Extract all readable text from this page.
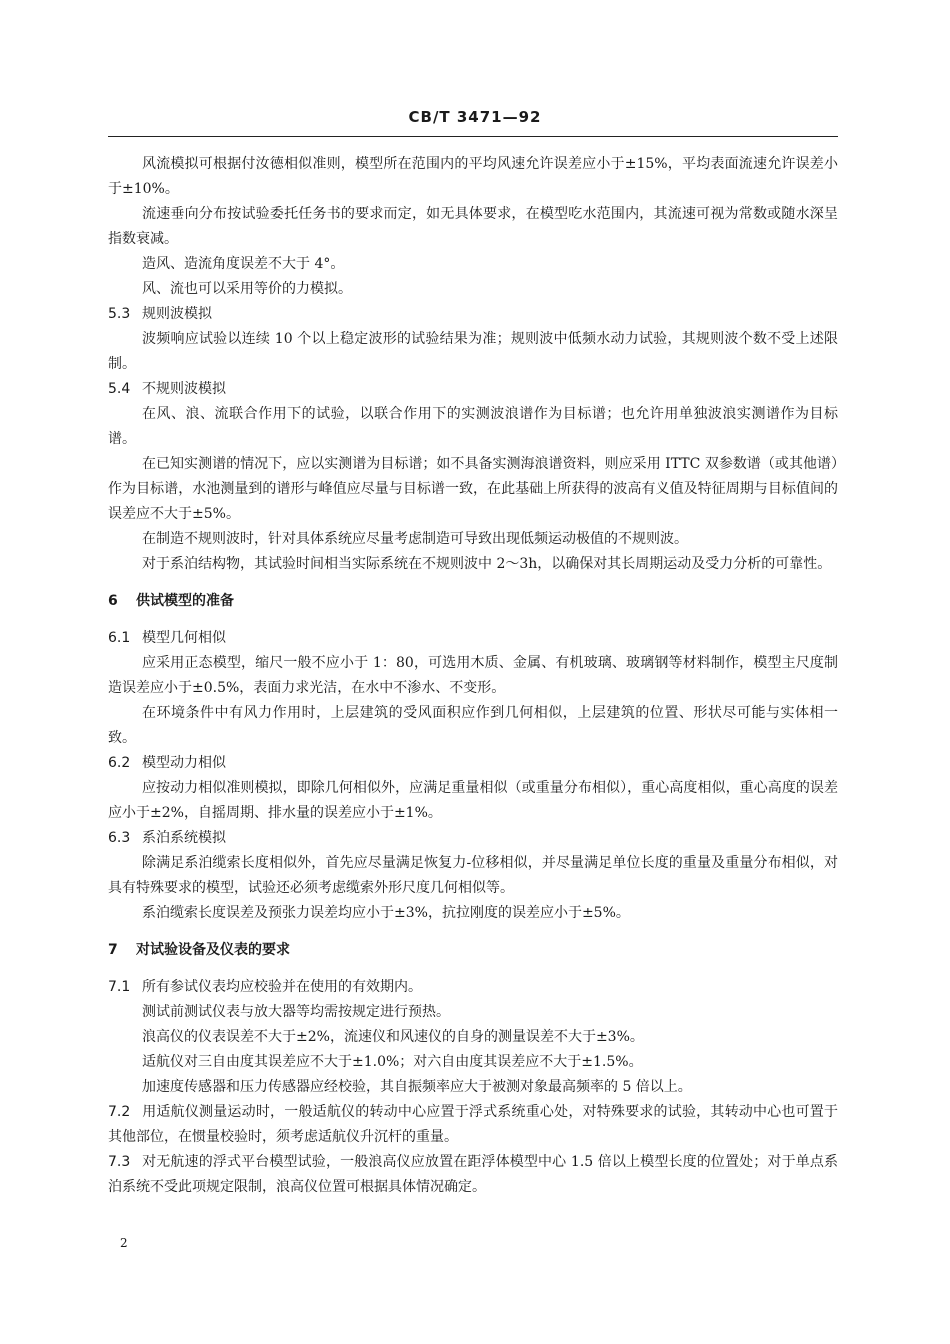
CB/T 3471—92

风流模拟可根据付汝德相似准则，模型所在范围内的平均风速允许误差应小于±15%，平均表面流速允许误差小于±10%。

流速垂向分布按试验委托任务书的要求而定，如无具体要求，在模型吃水范围内，其流速可视为常数或随水深呈指数衰减。

造风、造流角度误差不大于 4°。

风、流也可以采用等价的力模拟。

5.3 规则波模拟

波频响应试验以连续 10 个以上稳定波形的试验结果为准；规则波中低频水动力试验，其规则波个数不受上述限制。

5.4 不规则波模拟

在风、浪、流联合作用下的试验，以联合作用下的实测波浪谱作为目标谱；也允许用单独波浪实测谱作为目标谱。

在已知实测谱的情况下，应以实测谱为目标谱；如不具备实测海浪谱资料，则应采用 ITTC 双参数谱（或其他谱）作为目标谱，水池测量到的谱形与峰值应尽量与目标谱一致，在此基础上所获得的波高有义值及特征周期与目标值间的误差应不大于±5%。

在制造不规则波时，针对具体系统应尽量考虑制造可导致出现低频运动极值的不规则波。

对于系泊结构物，其试验时间相当实际系统在不规则波中 2～3h，以确保对其长周期运动及受力分析的可靠性。

6 供试模型的准备
6.1 模型几何相似

应采用正态模型，缩尺一般不应小于 1：80，可选用木质、金属、有机玻璃、玻璃钢等材料制作，模型主尺度制造误差应小于±0.5%，表面力求光洁，在水中不渗水、不变形。

在环境条件中有风力作用时，上层建筑的受风面积应作到几何相似，上层建筑的位置、形状尽可能与实体相一致。

6.2 模型动力相似

应按动力相似准则模拟，即除几何相似外，应满足重量相似（或重量分布相似），重心高度相似，重心高度的误差应小于±2%，自摇周期、排水量的误差应小于±1%。

6.3 系泊系统模拟

除满足系泊缆索长度相似外，首先应尽量满足恢复力-位移相似，并尽量满足单位长度的重量及重量分布相似，对具有特殊要求的模型，试验还必须考虑缆索外形尺度几何相似等。

系泊缆索长度误差及预张力误差均应小于±3%，抗拉刚度的误差应小于±5%。

7 对试验设备及仪表的要求
7.1 所有参试仪表均应校验并在使用的有效期内。

测试前测试仪表与放大器等均需按规定进行预热。

浪高仪的仪表误差不大于±2%，流速仪和风速仪的自身的测量误差不大于±3%。

适航仪对三自由度其误差应不大于±1.0%；对六自由度其误差应不大于±1.5%。

加速度传感器和压力传感器应经校验，其自振频率应大于被测对象最高频率的 5 倍以上。

7.2 用适航仪测量运动时，一般适航仪的转动中心应置于浮式系统重心处，对特殊要求的试验，其转动中心也可置于其他部位，在惯量校验时，须考虑适航仪升沉杆的重量。

7.3 对无航速的浮式平台模型试验，一般浪高仪应放置在距浮体模型中心 1.5 倍以上模型长度的位置处；对于单点系泊系统不受此项规定限制，浪高仪位置可根据具体情况确定。

2
